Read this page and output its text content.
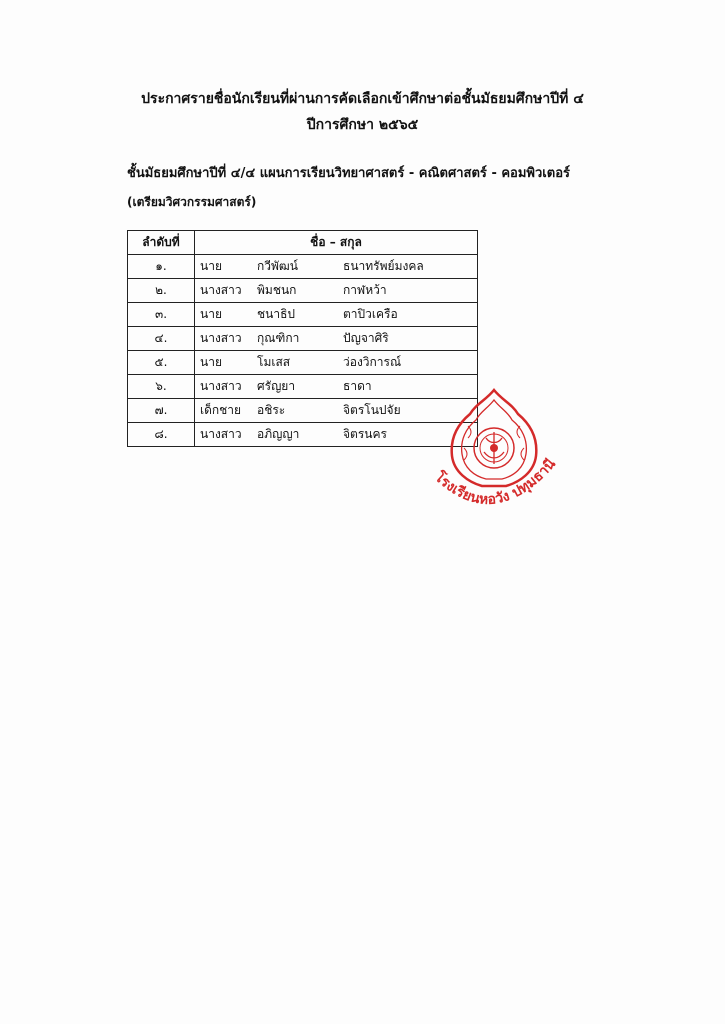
ประกาศรายชื่อนักเรียนที่ผ่านการคัดเลือกเข้าศึกษาต่อชั้นมัธยมศึกษาปีที่ ๔
ปีการศึกษา ๒๕๖๕
ชั้นมัธยมศึกษาปีที่ ๔/๔ แผนการเรียนวิทยาศาสตร์ - คณิตศาสตร์ - คอมพิวเตอร์
(เตรียมวิศวกรรมศาสตร์)
ลำดับที่	ชื่อ – สกุล
๑.	นาย กวีพัฒน์ ธนาทรัพย์มงคล

๒.	นางสาว พิมชนก กาฬหว้า

๓.	นาย ชนาธิป ตาปิวเครือ

๔.	นางสาว กุณฑิกา ปัญจาศิริ

๕.	นาย โมเสส ว่องวิการณ์

๖.	นางสาว ศรัญยา ธาดา

๗.	เด็กชาย อชิระ จิตรโนปจัย

๘.	นางสาว อภิญญา จิตรนคร
โรงเรียนหอวัง ปทุมธานี
